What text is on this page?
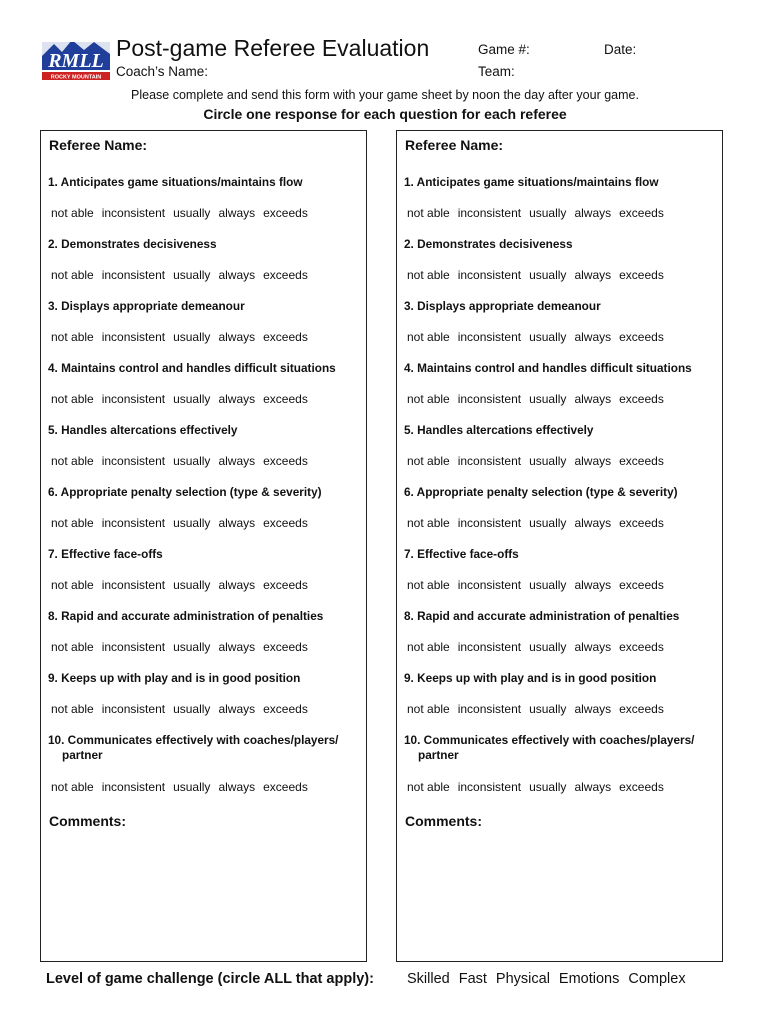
RMLL
ROCKY MOUNTAIN
Post-game Referee Evaluation
Coach’s Name:
Game #:	Date:
Team:
Please complete and send this form with your game sheet by noon the day after your game.
Circle one response for each question for each referee
Referee Name:
1. Anticipates game situations/maintains flow
not able inconsistent usually always exceeds
2. Demonstrates decisiveness
not able inconsistent usually always exceeds
3. Displays appropriate demeanour
not able inconsistent usually always exceeds
4. Maintains control and handles difficult situations
not able inconsistent usually always exceeds
5. Handles altercations effectively
not able inconsistent usually always exceeds
6. Appropriate penalty selection (type & severity)
not able inconsistent usually always exceeds
7. Effective face-offs
not able inconsistent usually always exceeds
8. Rapid and accurate administration of penalties
not able inconsistent usually always exceeds
9. Keeps up with play and is in good position
not able inconsistent usually always exceeds
10. Communicates effectively with coaches/players/
partner
not able inconsistent usually always exceeds
Comments:
Referee Name:
1. Anticipates game situations/maintains flow
not able inconsistent usually always exceeds
2. Demonstrates decisiveness
not able inconsistent usually always exceeds
3. Displays appropriate demeanour
not able inconsistent usually always exceeds
4. Maintains control and handles difficult situations
not able inconsistent usually always exceeds
5. Handles altercations effectively
not able inconsistent usually always exceeds
6. Appropriate penalty selection (type & severity)
not able inconsistent usually always exceeds
7. Effective face-offs
not able inconsistent usually always exceeds
8. Rapid and accurate administration of penalties
not able inconsistent usually always exceeds
9. Keeps up with play and is in good position
not able inconsistent usually always exceeds
10. Communicates effectively with coaches/players/
partner
not able inconsistent usually always exceeds
Comments:
Level of game challenge (circle ALL that apply): Skilled Fast Physical Emotions Complex
